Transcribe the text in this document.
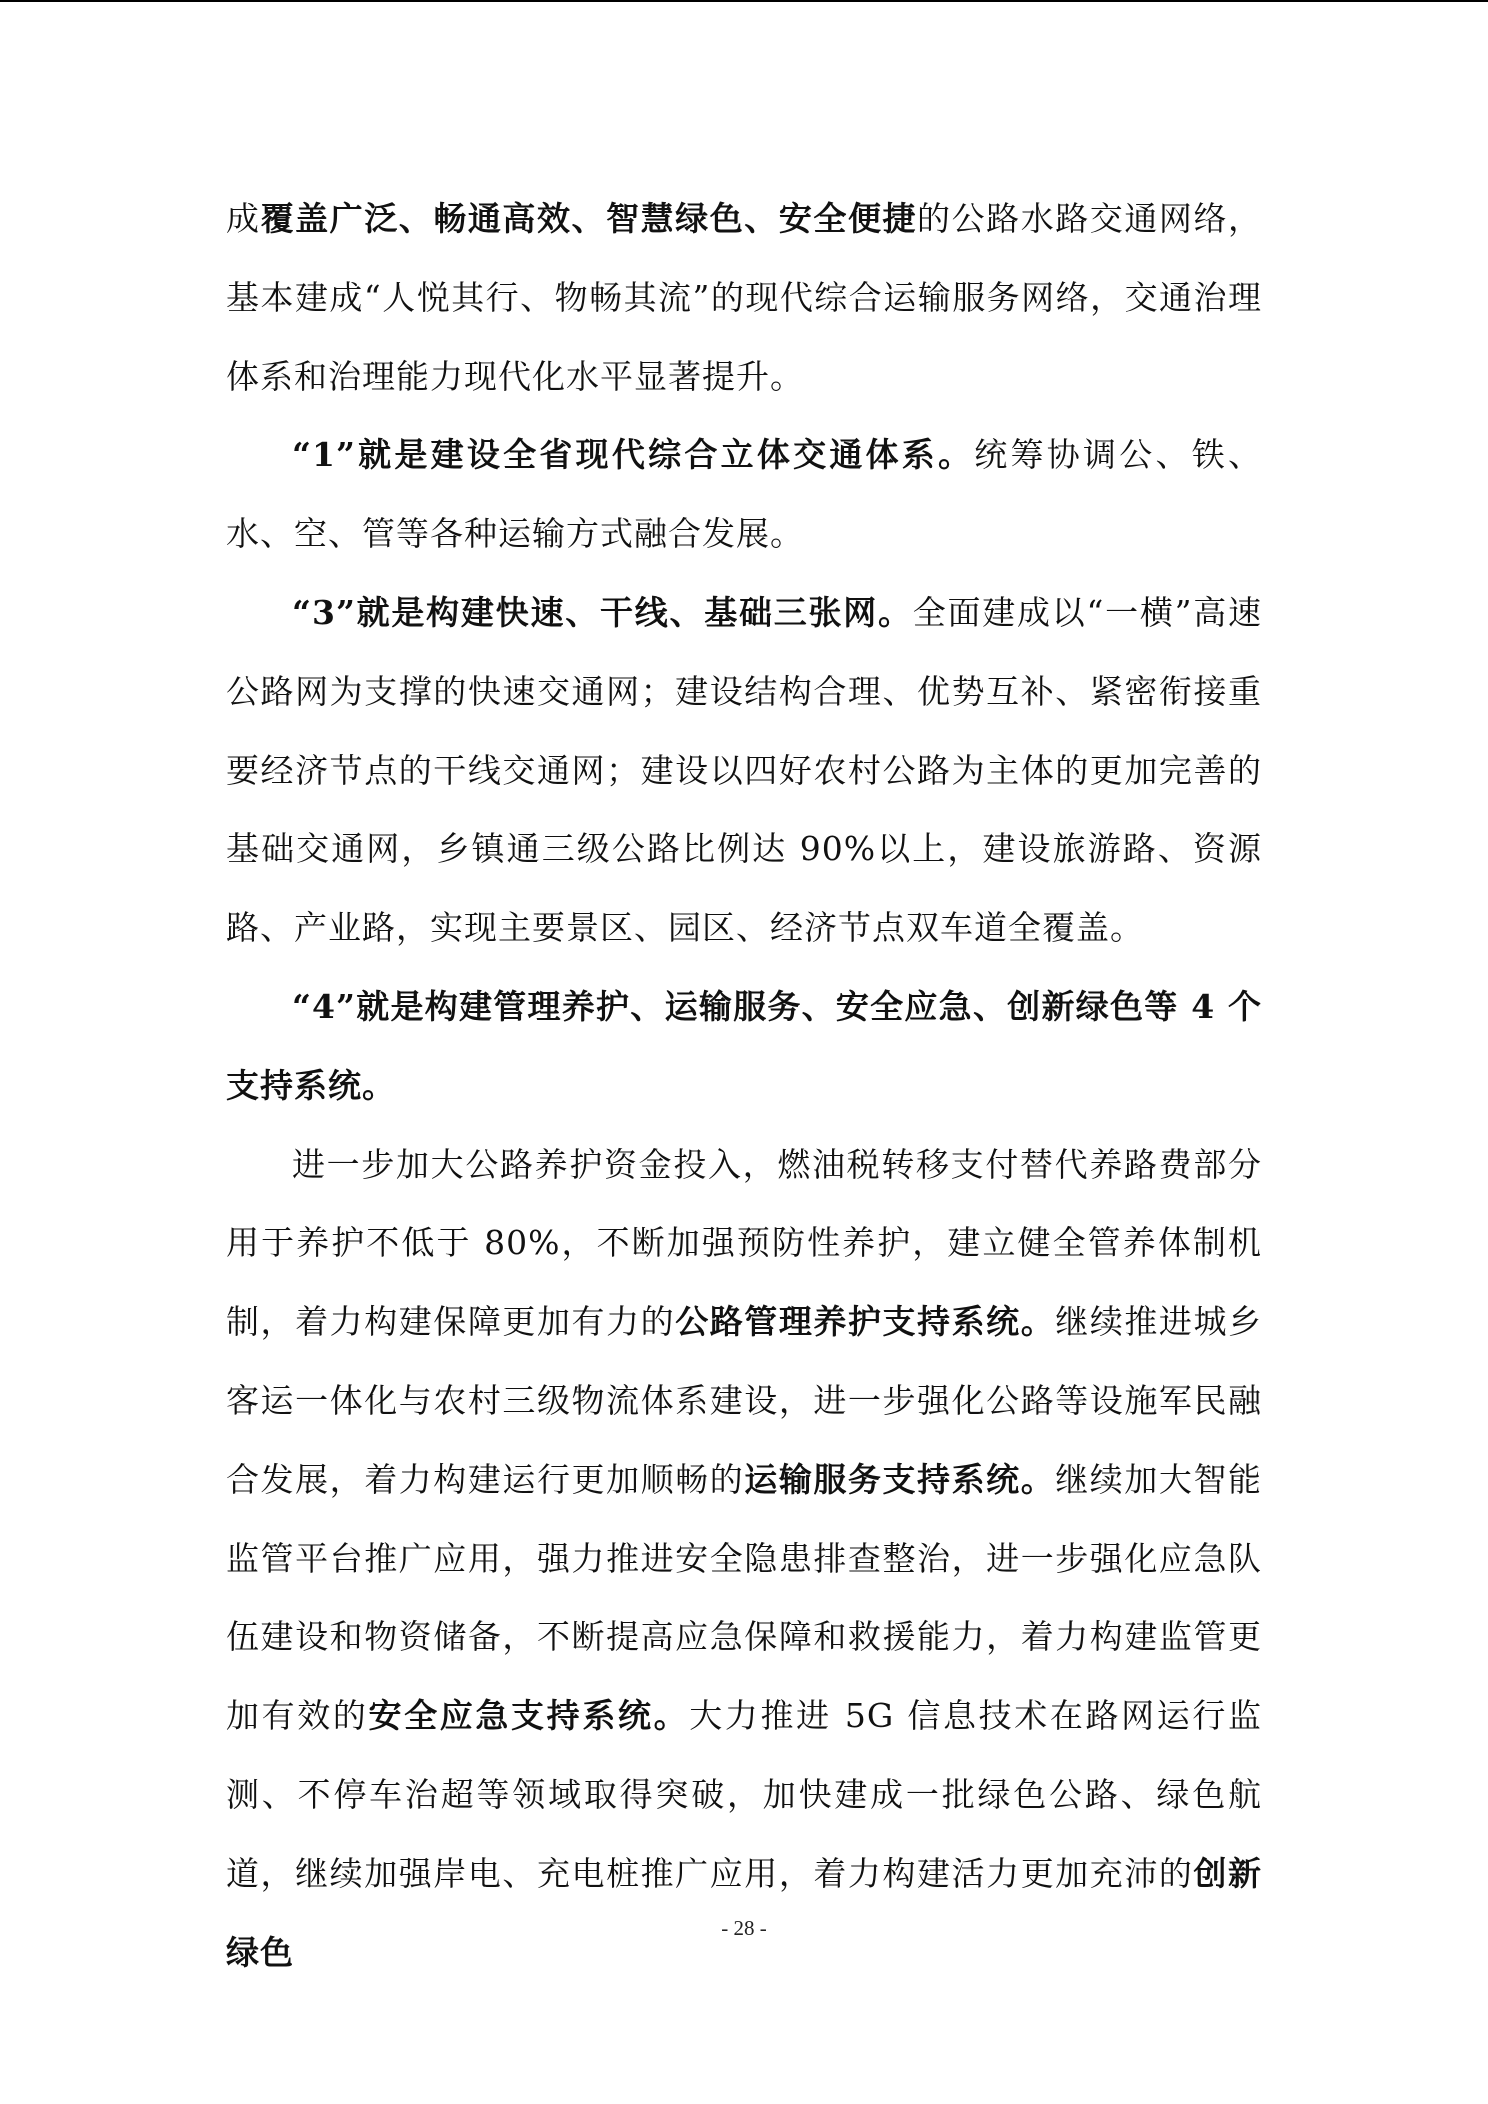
成覆盖广泛、畅通高效、智慧绿色、安全便捷的公路水路交通网络，基本建成“人悦其行、物畅其流”的现代综合运输服务网络，交通治理体系和治理能力现代化水平显著提升。

“1”就是建设全省现代综合立体交通体系。统筹协调公、铁、水、空、管等各种运输方式融合发展。

“3”就是构建快速、干线、基础三张网。全面建成以“一横”高速公路网为支撑的快速交通网；建设结构合理、优势互补、紧密衔接重要经济节点的干线交通网；建设以四好农村公路为主体的更加完善的基础交通网，乡镇通三级公路比例达 90%以上，建设旅游路、资源路、产业路，实现主要景区、园区、经济节点双车道全覆盖。

“4”就是构建管理养护、运输服务、安全应急、创新绿色等 4 个支持系统。

进一步加大公路养护资金投入，燃油税转移支付替代养路费部分用于养护不低于 80%，不断加强预防性养护，建立健全管养体制机制，着力构建保障更加有力的公路管理养护支持系统。继续推进城乡客运一体化与农村三级物流体系建设，进一步强化公路等设施军民融合发展，着力构建运行更加顺畅的运输服务支持系统。继续加大智能监管平台推广应用，强力推进安全隐患排查整治，进一步强化应急队伍建设和物资储备，不断提高应急保障和救援能力，着力构建监管更加有效的安全应急支持系统。大力推进 5G 信息技术在路网运行监测、不停车治超等领域取得突破，加快建成一批绿色公路、绿色航道，继续加强岸电、充电桩推广应用，着力构建活力更加充沛的创新绿色

- 28 -
